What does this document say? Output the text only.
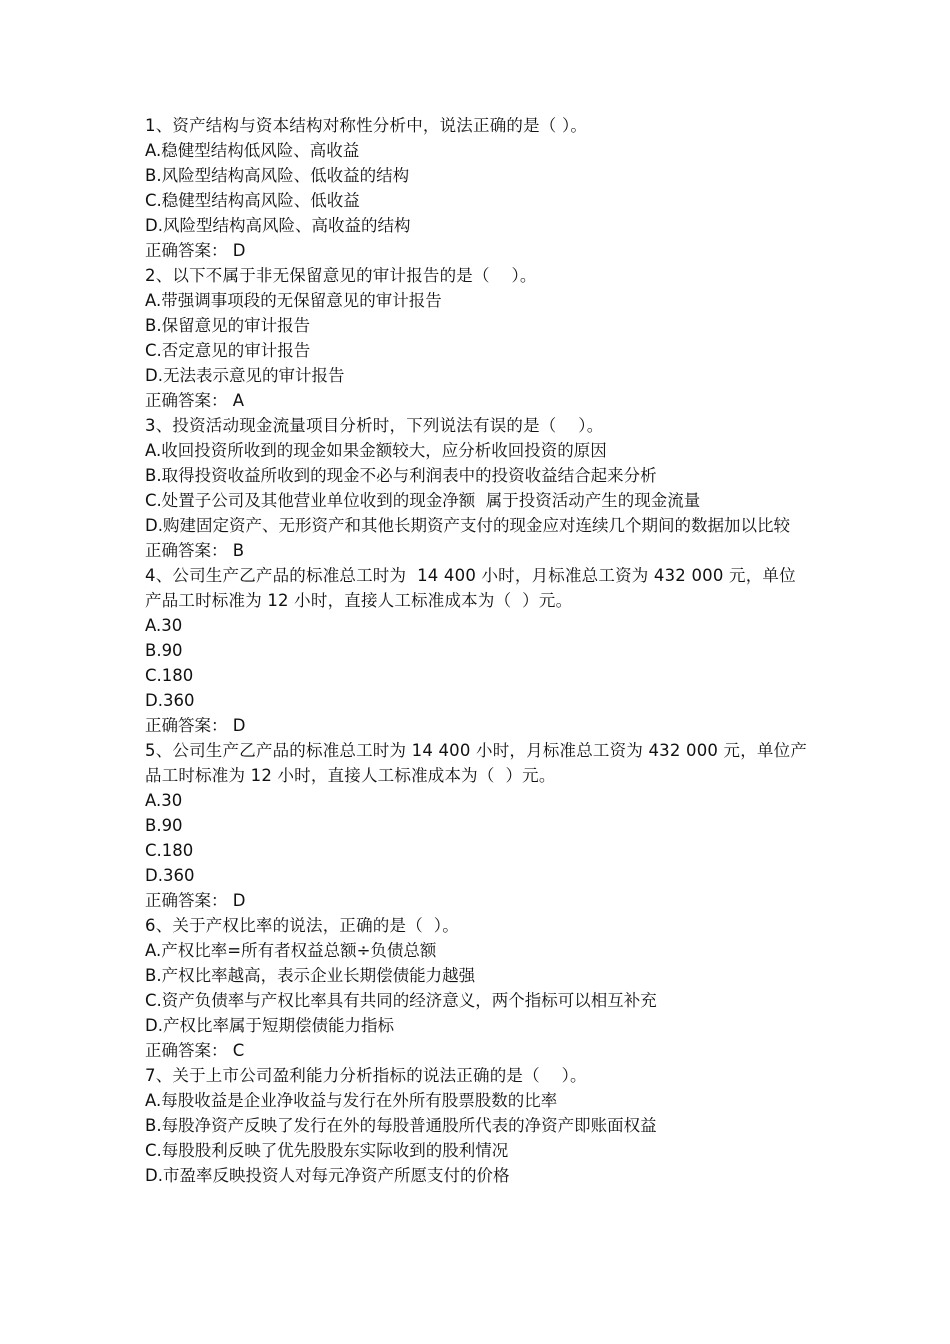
1、资产结构与资本结构对称性分析中，说法正确的是（ ）。

A.稳健型结构低风险、高收益

B.风险型结构高风险、低收益的结构

C.稳健型结构高风险、低收益

D.风险型结构高风险、高收益的结构

正确答案： D

2、以下不属于非无保留意见的审计报告的是（    ）。

A.带强调事项段的无保留意见的审计报告

B.保留意见的审计报告

C.否定意见的审计报告

D.无法表示意见的审计报告

正确答案： A

3、投资活动现金流量项目分析时，下列说法有误的是（    ）。

A.收回投资所收到的现金如果金额较大，应分析收回投资的原因

B.取得投资收益所收到的现金不必与利润表中的投资收益结合起来分析

C.处置子公司及其他营业单位收到的现金净额  属于投资活动产生的现金流量

D.购建固定资产、无形资产和其他长期资产支付的现金应对连续几个期间的数据加以比较

正确答案： B

4、公司生产乙产品的标准总工时为  14 400 小时，月标准总工资为 432 000 元，单位产品工时标准为 12 小时，直接人工标准成本为（  ）元。

A.30

B.90

C.180

D.360

正确答案： D

5、公司生产乙产品的标准总工时为 14 400 小时，月标准总工资为 432 000 元，单位产品工时标准为 12 小时，直接人工标准成本为（  ）元。

A.30

B.90

C.180

D.360

正确答案： D

6、关于产权比率的说法，正确的是（  ）。

A.产权比率=所有者权益总额÷负债总额

B.产权比率越高，表示企业长期偿债能力越强

C.资产负债率与产权比率具有共同的经济意义，两个指标可以相互补充

D.产权比率属于短期偿债能力指标

正确答案： C

7、关于上市公司盈利能力分析指标的说法正确的是（    ）。

A.每股收益是企业净收益与发行在外所有股票股数的比率

B.每股净资产反映了发行在外的每股普通股所代表的净资产即账面权益

C.每股股利反映了优先股股东实际收到的股利情况

D.市盈率反映投资人对每元净资产所愿支付的价格
